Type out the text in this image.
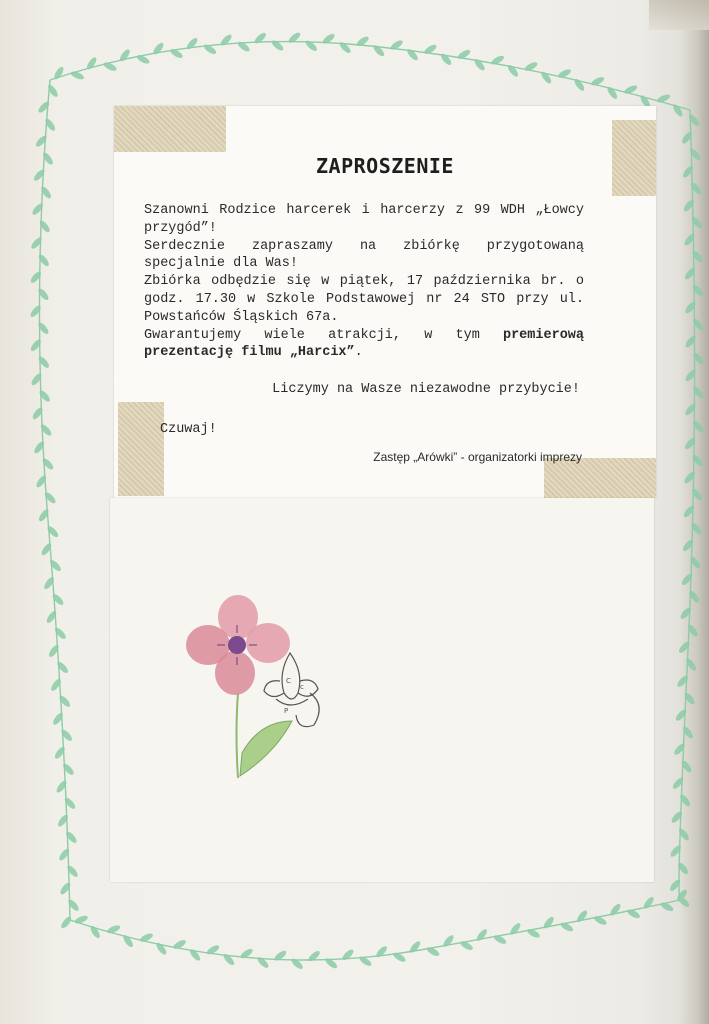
ZAPROSZENIE

Szanowni Rodzice harcerek i harcerzy z 99 WDH „Łowcy przygód”!

Serdecznie zapraszamy na zbiórkę przygotowaną specjalnie dla Was!

Zbiórka odbędzie się w piątek, 17 października br. o godz. 17.30 w Szkole Podstawowej nr 24 STO przy ul. Powstańców Śląskich 67a.

Gwarantujemy wiele atrakcji, w tym premierową prezentację filmu „Harcix”.

Liczymy na Wasze niezawodne przybycie!
Czuwaj!
Zastęp „Arówki” - organizatorki imprezy
C
c
P
